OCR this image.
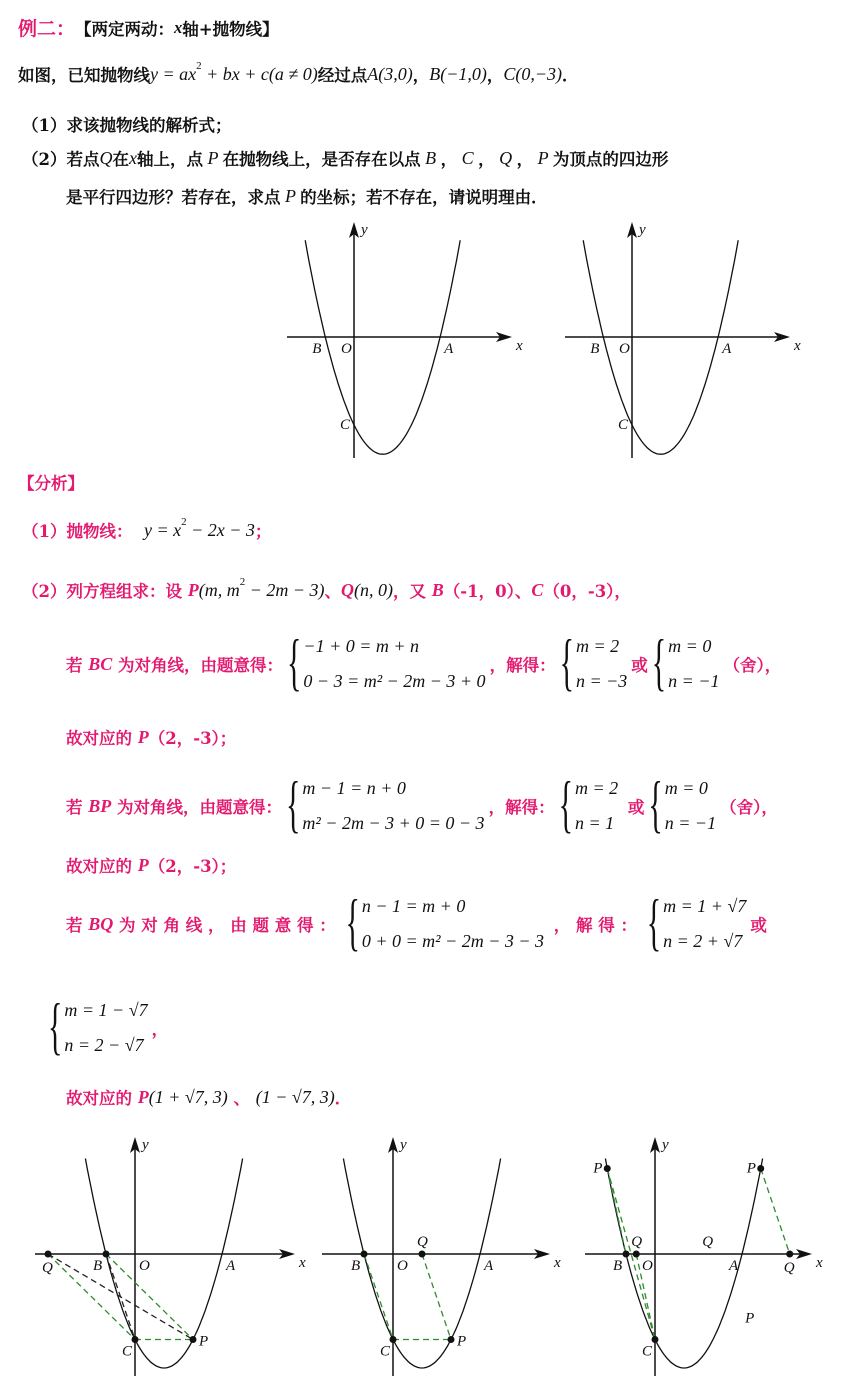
例二： 【两定两动： x 轴+抛物线】
如图，已知抛物线 y = ax 2 + bx + c(a ≠ 0) 经过点 A(3,0) ， B(−1,0) ， C(0,−3) ．
（1）求该抛物线的解析式；
（2）若点 Q 在 x 轴上，点 P 在抛物线上，是否存在以点 B ， C ， Q ， P 为顶点的四边形
是平行四边形？若存在，求点 P 的坐标；若不存在，请说明理由．
【分析】
（1）抛物线： y = x 2 − 2x − 3 ；
（2）列方程组求：设 P (m, m 2 − 2m − 3) 、 Q (n, 0) ，又 B （-1，0）、 C （0，-3），
若 BC 为对角线，由题意得： { −1 + 0 = m + n
0 − 3 = m² − 2m − 3 + 0
，解得： { m = 2
n = −3
或 { m = 0
n = −1
（舍），
故对应的 P （2，-3）；
若 BP 为对角线，由题意得： { m − 1 = n + 0
m² − 2m − 3 + 0 = 0 − 3
，解得： { m = 2
n = 1
或 { m = 0
n = −1
（舍），
故对应的 P （2，-3）；
若 BQ 为 对 角 线 ， 由 题 意 得 ： { n − 1 = m + 0
0 + 0 = m² − 2m − 3 − 3
， 解 得 ： { m = 1 + √7
n = 2 + √7
或
{ m = 1 − √7
n = 2 − √7
，
故对应的 P (1 + √7, 3) 、 (1 − √7, 3) ．
x
y
B O	A
C
x
y
B O	A
C
x
y
Q	B O	A
C
P
x
y
B O
Q
A
C
P
x
y
P	P
Q	Q
B O	A	Q
C
P
